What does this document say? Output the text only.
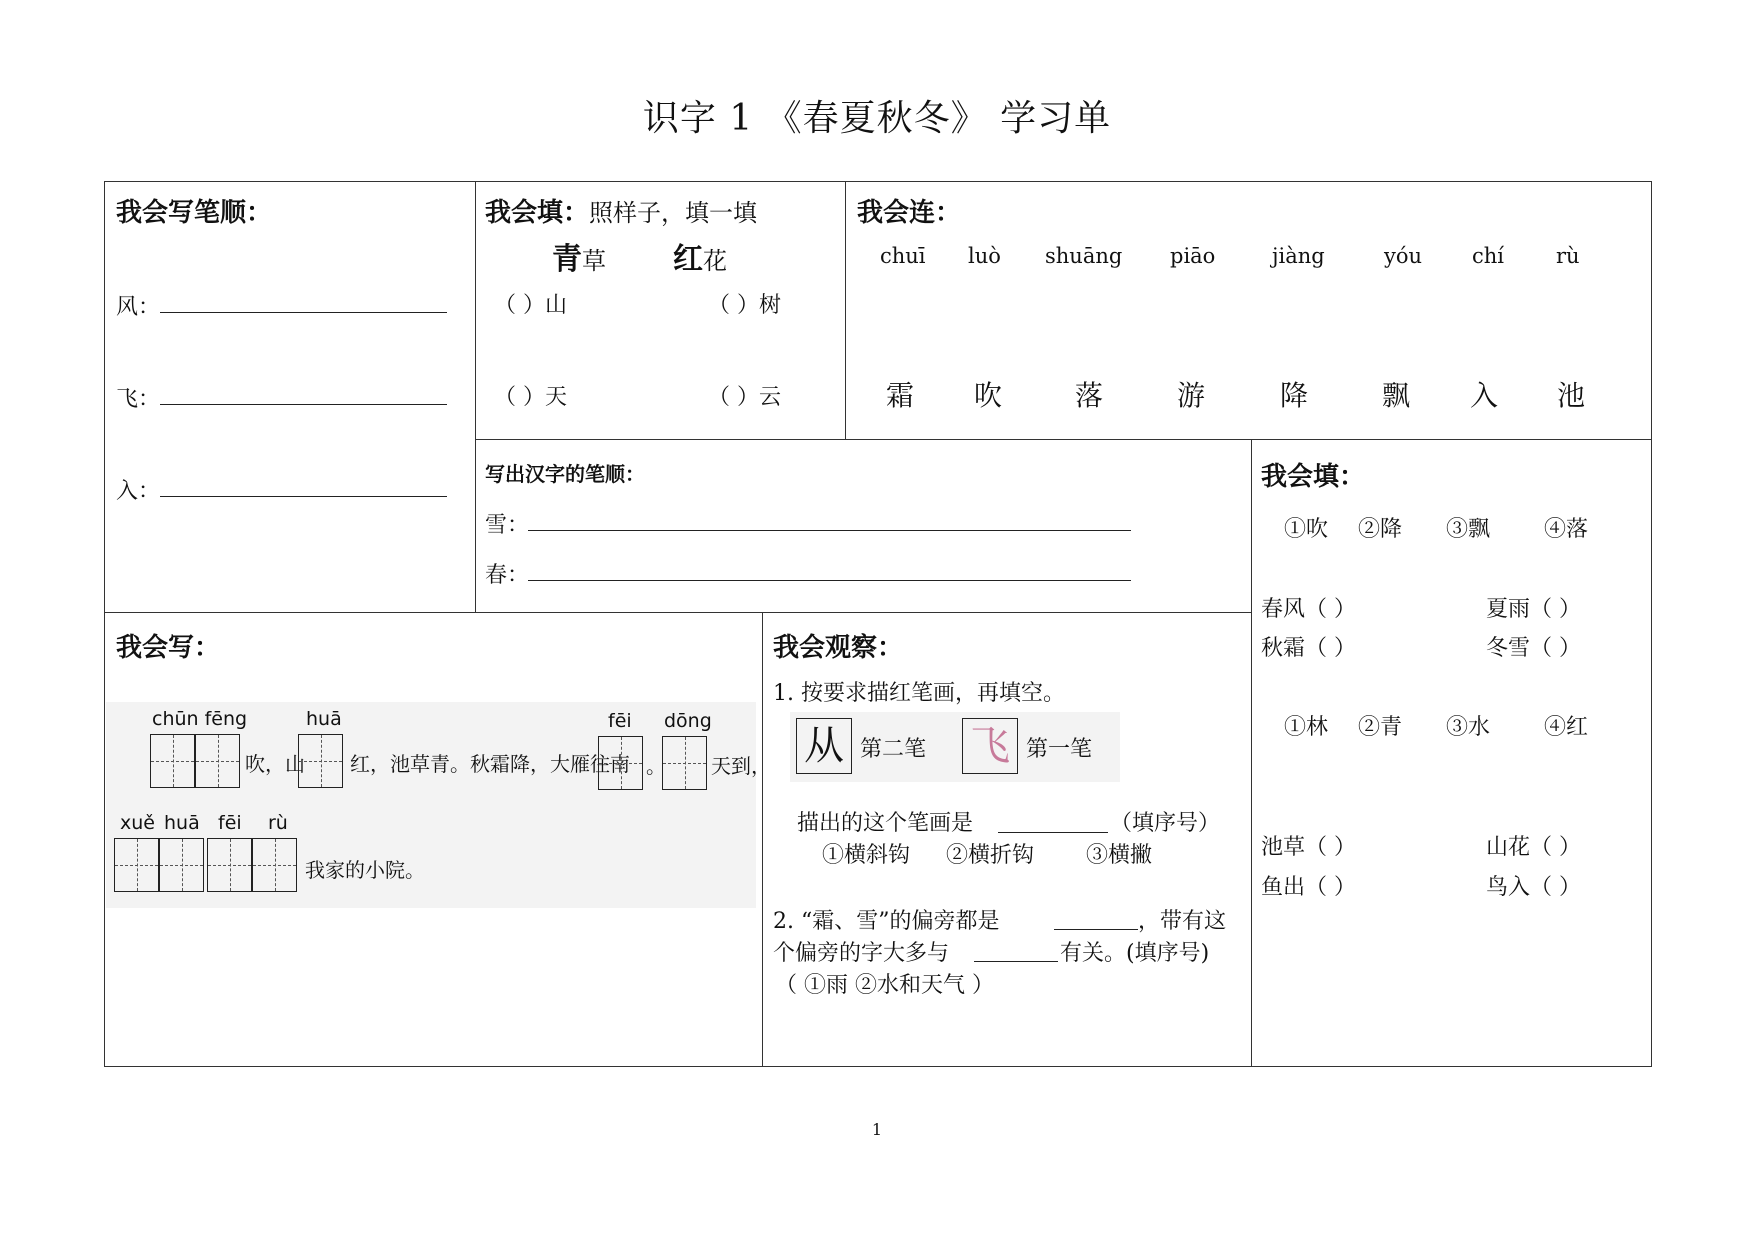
识字 1 《春夏秋冬》 学习单
我会写笔顺：
风：
飞：
入：
我会填：照样子，填一填
青草 红花
（ ）山	（ ）树
（ ）天	（ ）云
我会连：
chuī luò shuāng piāo	jiàng	yóu chí rù
霜 吹	落	游	降	飘 入 池
写出汉字的笔顺：
雪：
春：
我会填：
①吹 ②降 ③飘 ④落
春风（ ）	夏雨（ ）
秋霜（ ）	冬雪（ ）
①林 ②青 ③水 ④红
池草（ ）	山花（ ）
鱼出（ ）	鸟入（ ）
我会写：
chūn fēng
吹，山
huā
红，池草青。秋霜降，大雁往南
fēi
。
dōng
天到，
xuě huā fēi rù
我家的小院。
我会观察：
1. 按要求描红笔画，再填空。
从 第二笔 飞 第一笔
描出的这个笔画是	（填序号）
①横斜钩 ②横折钩 ③横撇
2. “霜、雪”的偏旁都是	，带有这
个偏旁的字大多与	有关。(填序号)
（ ①雨 ②水和天气 ）
1
